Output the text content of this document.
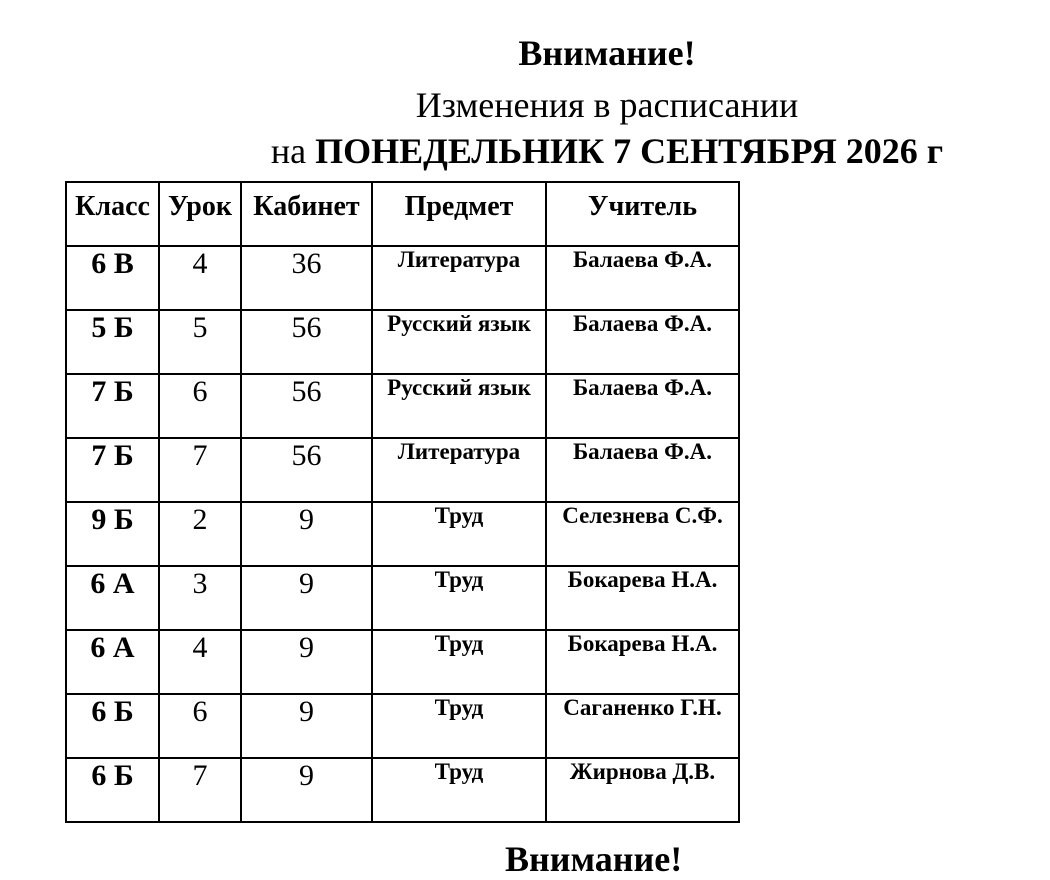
Внимание!
Изменения в расписании
на ПОНЕДЕЛЬНИК 7 СЕНТЯБРЯ 2026 г
Класс	Урок	Кабинет	Предмет	Учитель
6 В	4	36	Литература	Балаева Ф.А.
5 Б	5	56	Русский язык	Балаева Ф.А.
7 Б	6	56	Русский язык	Балаева Ф.А.
7 Б	7	56	Литература	Балаева Ф.А.
9 Б	2	9	Труд	Селезнева С.Ф.
6 А	3	9	Труд	Бокарева Н.А.
6 А	4	9	Труд	Бокарева Н.А.
6 Б	6	9	Труд	Саганенко Г.Н.
6 Б	7	9	Труд	Жирнова Д.В.
Внимание!
